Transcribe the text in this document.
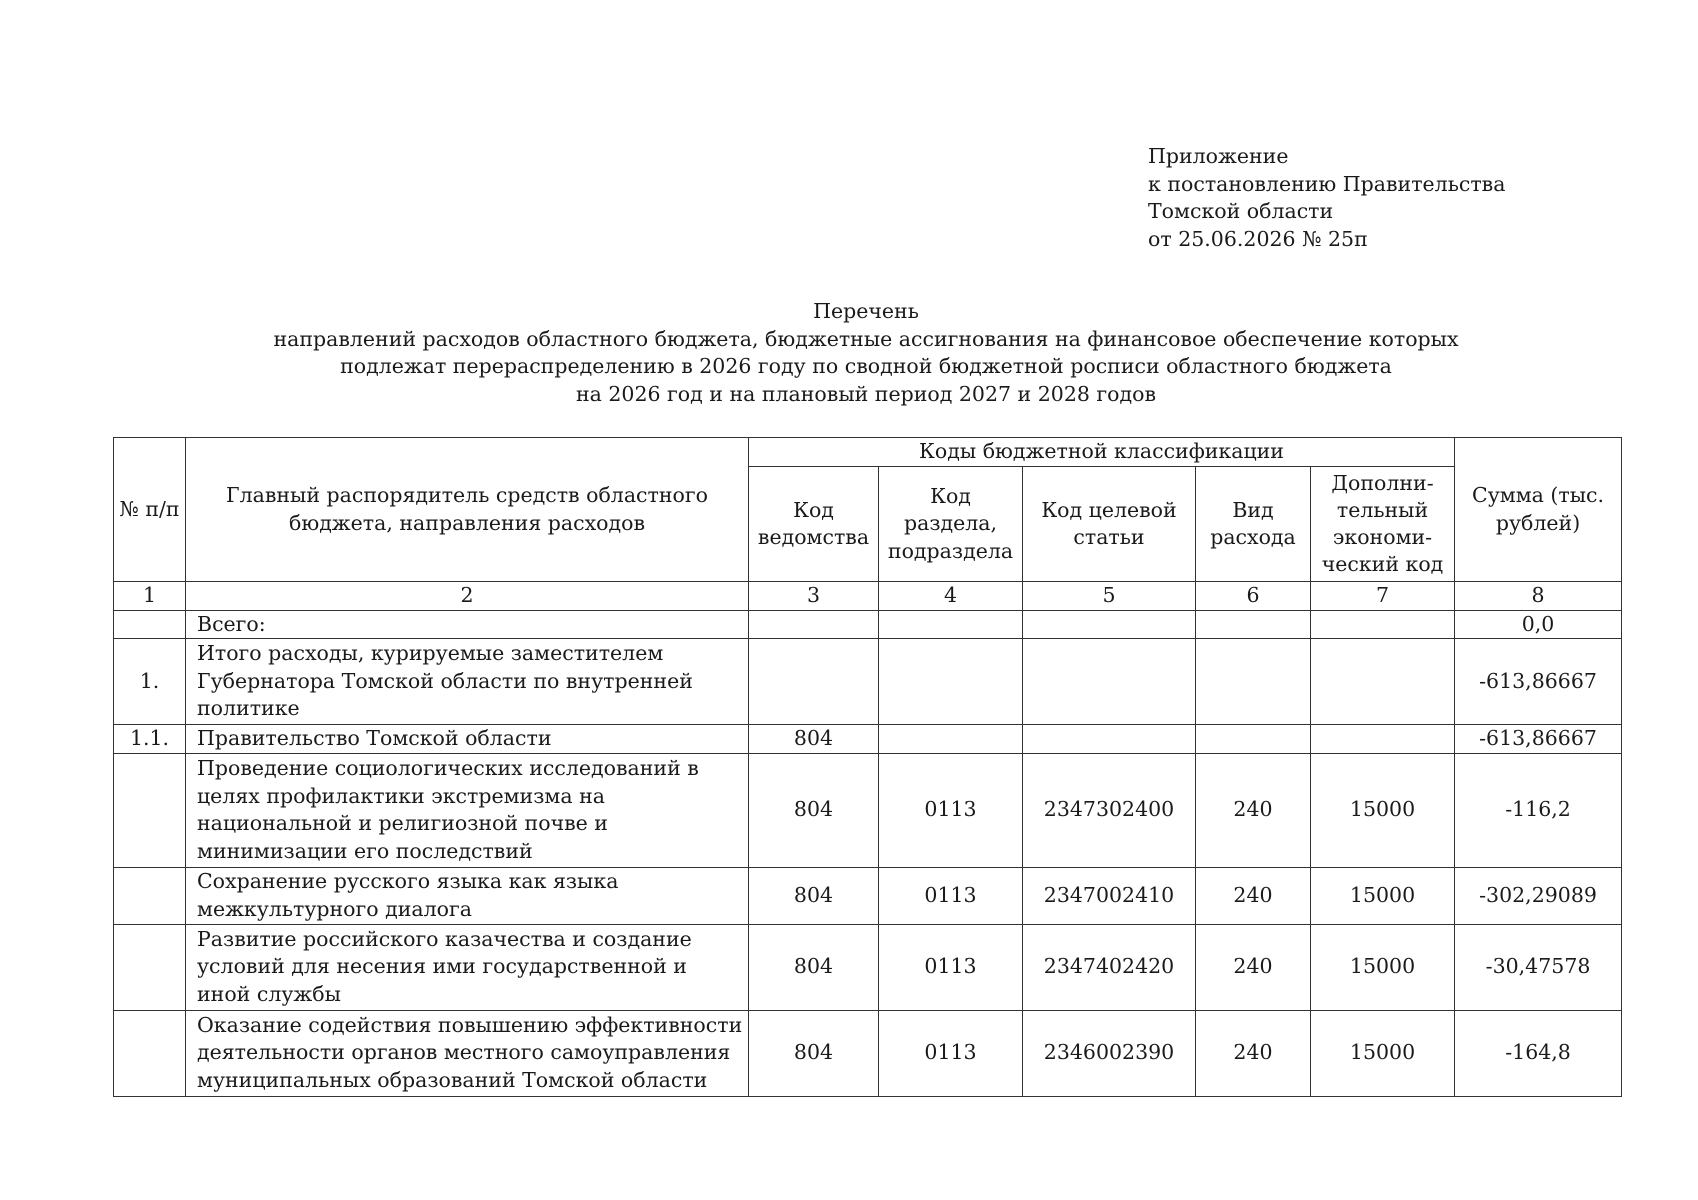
Приложение
к постановлению Правительства
Томской области
от 25.06.2026 № 25п
Перечень
направлений расходов областного бюджета, бюджетные ассигнования на финансовое обеспечение которых
подлежат перераспределению в 2026 году по сводной бюджетной росписи областного бюджета
на 2026 год и на плановый период 2027 и 2028 годов
№ п/п	Главный распорядитель средств областного бюджета, направления расходов	Коды бюджетной классификации					Сумма (тыс. рублей)
		Код ведомства	Код раздела, подраздела	Код целевой статьи	Вид расхода	Дополни-тельный экономи-ческий код	
1	2	3	4	5	6	7	8
	Всего:						0,0
1.	Итого расходы, курируемые заместителем Губернатора Томской области по внутренней политике						-613,86667
1.1.	Правительство Томской области	804					-613,86667
	Проведение социологических исследований в целях профилактики экстремизма на национальной и религиозной почве и минимизации его последствий	804	0113	2347302400	240	15000	-116,2
	Сохранение русского языка как языка межкультурного диалога	804	0113	2347002410	240	15000	-302,29089
	Развитие российского казачества и создание условий для несения ими государственной и иной службы	804	0113	2347402420	240	15000	-30,47578
	Оказание содействия повышению эффективности деятельности органов местного самоуправления муниципальных образований Томской области	804	0113	2346002390	240	15000	-164,8
